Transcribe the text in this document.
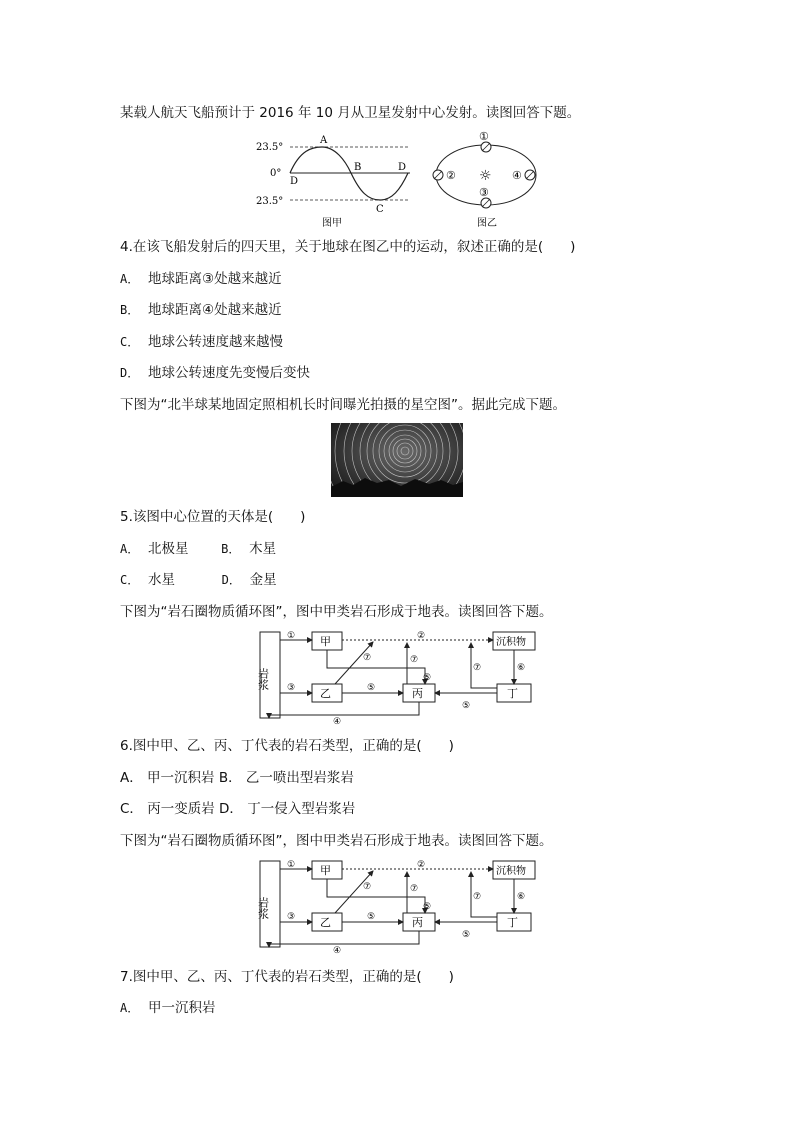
某载人航天飞船预计于 2016 年 10 月从卫星发射中心发射。读图回答下题。
23.5°
0°
23.5°
A
B
C
D
D
图甲
①
②
③
④
☼
图乙
4.在该飞船发射后的四天里，关于地球在图乙中的运动，叙述正确的是(　　)
A． 地球距离③处越来越近
B． 地球距离④处越来越近
C． 地球公转速度越来越慢
D． 地球公转速度先变慢后变快
下图为“北半球某地固定照相机长时间曝光拍摄的星空图”。据此完成下题。
5.该图中心位置的天体是(　　)
A． 北极星	B． 木星
C． 水星	D． 金星
下图为“岩石圈物质循环图”，图中甲类岩石形成于地表。读图回答下题。
岩浆
甲
乙	丙
沉积物
丁
①	②
③
④
⑤
⑤
⑤
⑥
⑦	⑦
⑦
6.图中甲、乙、丙、丁代表的岩石类型，正确的是(　　)
A． 甲一沉积岩 B． 乙一喷出型岩浆岩
C． 丙一变质岩 D． 丁一侵入型岩浆岩
下图为“岩石圈物质循环图”，图中甲类岩石形成于地表。读图回答下题。
岩浆
甲
乙	丙
沉积物
丁
①	②
③
④
⑤
⑤
⑤
⑥
⑦	⑦
⑦
7.图中甲、乙、丙、丁代表的岩石类型，正确的是(　　)
A． 甲一沉积岩
